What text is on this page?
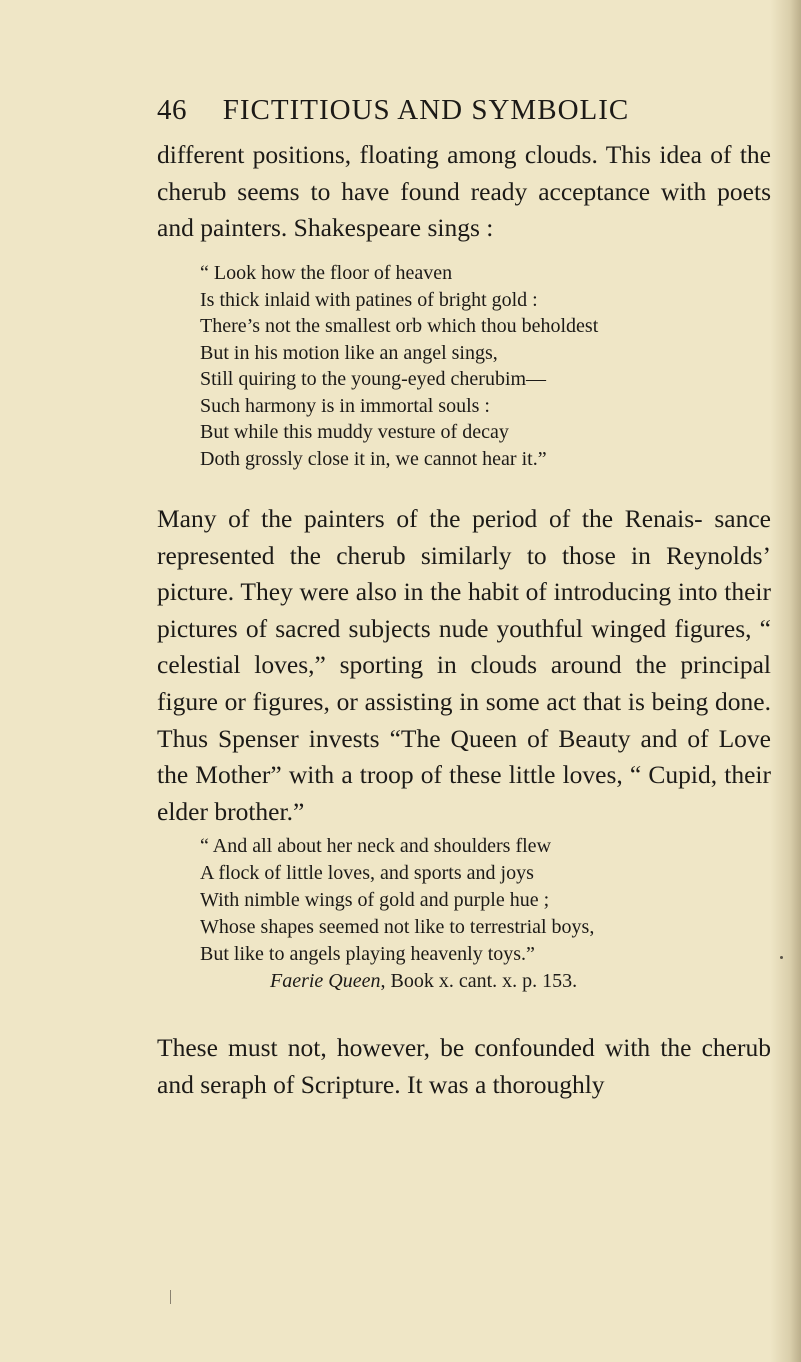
46 FICTITIOUS AND SYMBOLIC

different positions, floating among clouds. This idea of the cherub seems to have found ready acceptance with poets and painters. Shakespeare sings :

“ Look how the floor of heaven
Is thick inlaid with patines of bright gold :
There’s not the smallest orb which thou beholdest
But in his motion like an angel sings,
Still quiring to the young-eyed cherubim—
Such harmony is in immortal souls :
But while this muddy vesture of decay
Doth grossly close it in, we cannot hear it.”

Many of the painters of the period of the Renais- sance represented the cherub similarly to those in Reynolds’ picture. They were also in the habit of introducing into their pictures of sacred subjects nude youthful winged figures, “ celestial loves,” sporting in clouds around the principal figure or figures, or assisting in some act that is being done. Thus Spenser invests “The Queen of Beauty and of Love the Mother” with a troop of these little loves, “ Cupid, their elder brother.”

“ And all about her neck and shoulders flew
A flock of little loves, and sports and joys
With nimble wings of gold and purple hue ;
Whose shapes seemed not like to terrestrial boys,
But like to angels playing heavenly toys.”
Faerie Queen, Book x. cant. x. p. 153.

These must not, however, be confounded with the cherub and seraph of Scripture. It was a thoroughly
